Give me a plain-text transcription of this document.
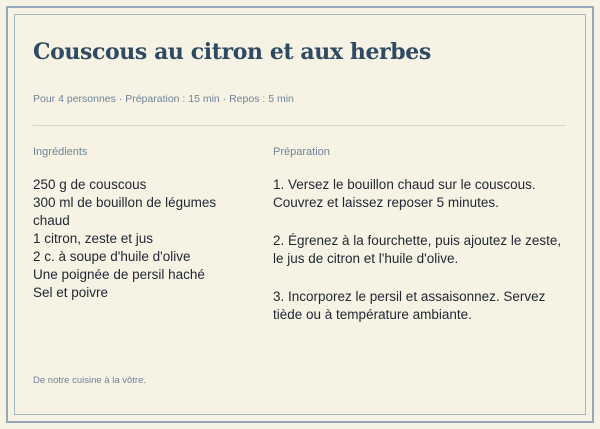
Couscous au citron et aux herbes
Pour 4 personnes · Préparation : 15 min · Repos : 5 min
Ingrédients	Préparation
250 g de couscous
300 ml de bouillon de légumes chaud
1 citron, zeste et jus
2 c. à soupe d'huile d'olive
Une poignée de persil haché
Sel et poivre
1. Versez le bouillon chaud sur le couscous. Couvrez et laissez reposer 5 minutes.
2. Égrenez à la fourchette, puis ajoutez le zeste, le jus de citron et l'huile d'olive.
3. Incorporez le persil et assaisonnez. Servez tiède ou à température ambiante.
De notre cuisine à la vôtre.
